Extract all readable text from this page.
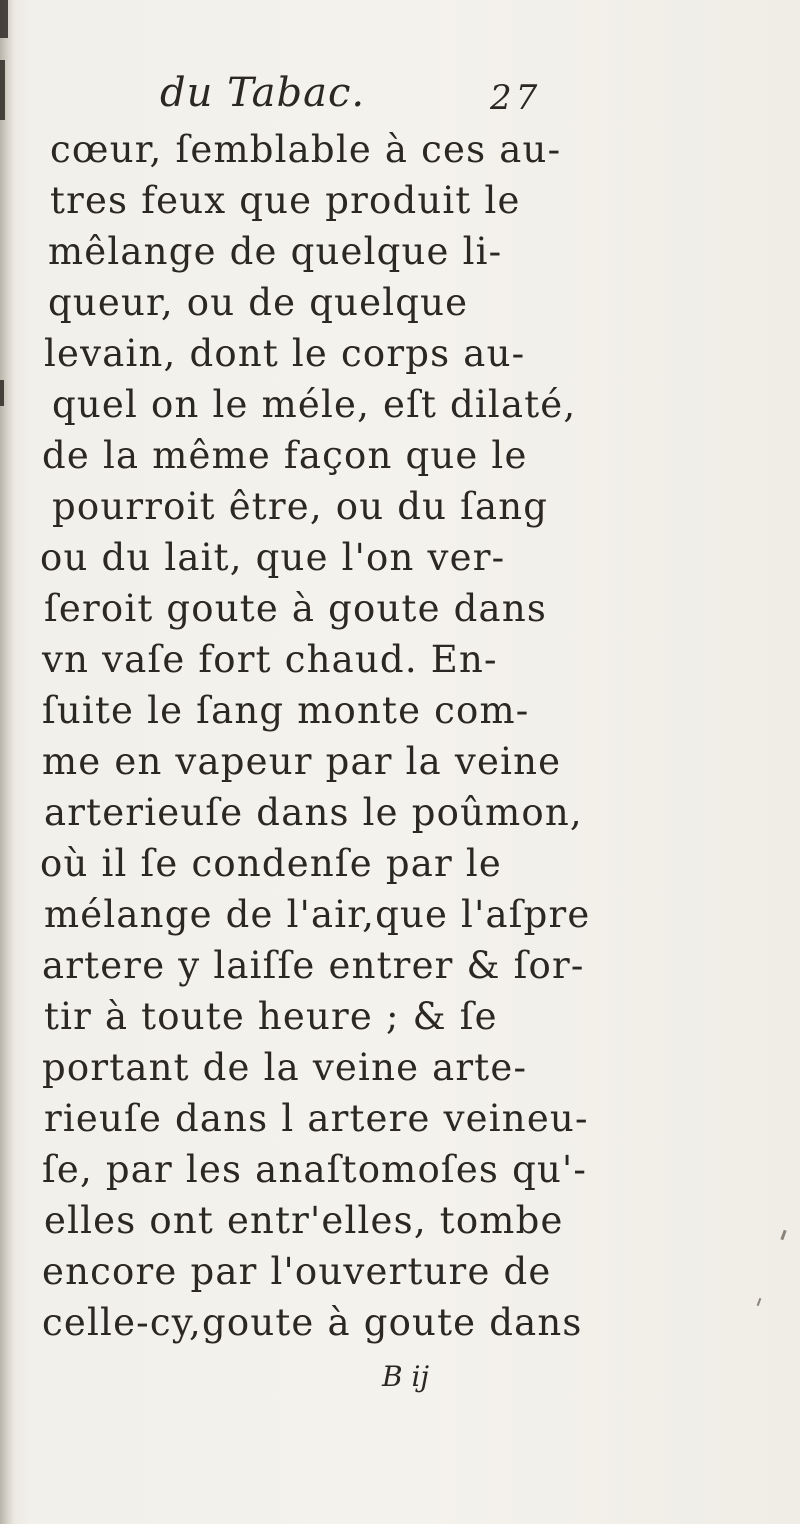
du Tabac.	27
cœur, ſemblable à ces au-
tres feux que produit le
mêlange de quelque li-
queur, ou de quelque
levain, dont le corps au-
quel on le méle, eſt dilaté,
de la même façon que le
pourroit être, ou du ſang
ou du lait, que l'on ver-
ſeroit goute à goute dans
vn vaſe fort chaud. En-
ſuite le ſang monte com-
me en vapeur par la veine
arterieuſe dans le poûmon,
où il ſe condenſe par le
mélange de l'air,que l'aſpre
artere y laiſſe entrer & ſor-
tir à toute heure ; & ſe
portant de la veine arte-
rieuſe dans l artere veineu-
ſe, par les anaſtomoſes qu'-
elles ont entr'elles, tombe
encore par l'ouverture de
celle-cy,goute à goute dans
B ij
